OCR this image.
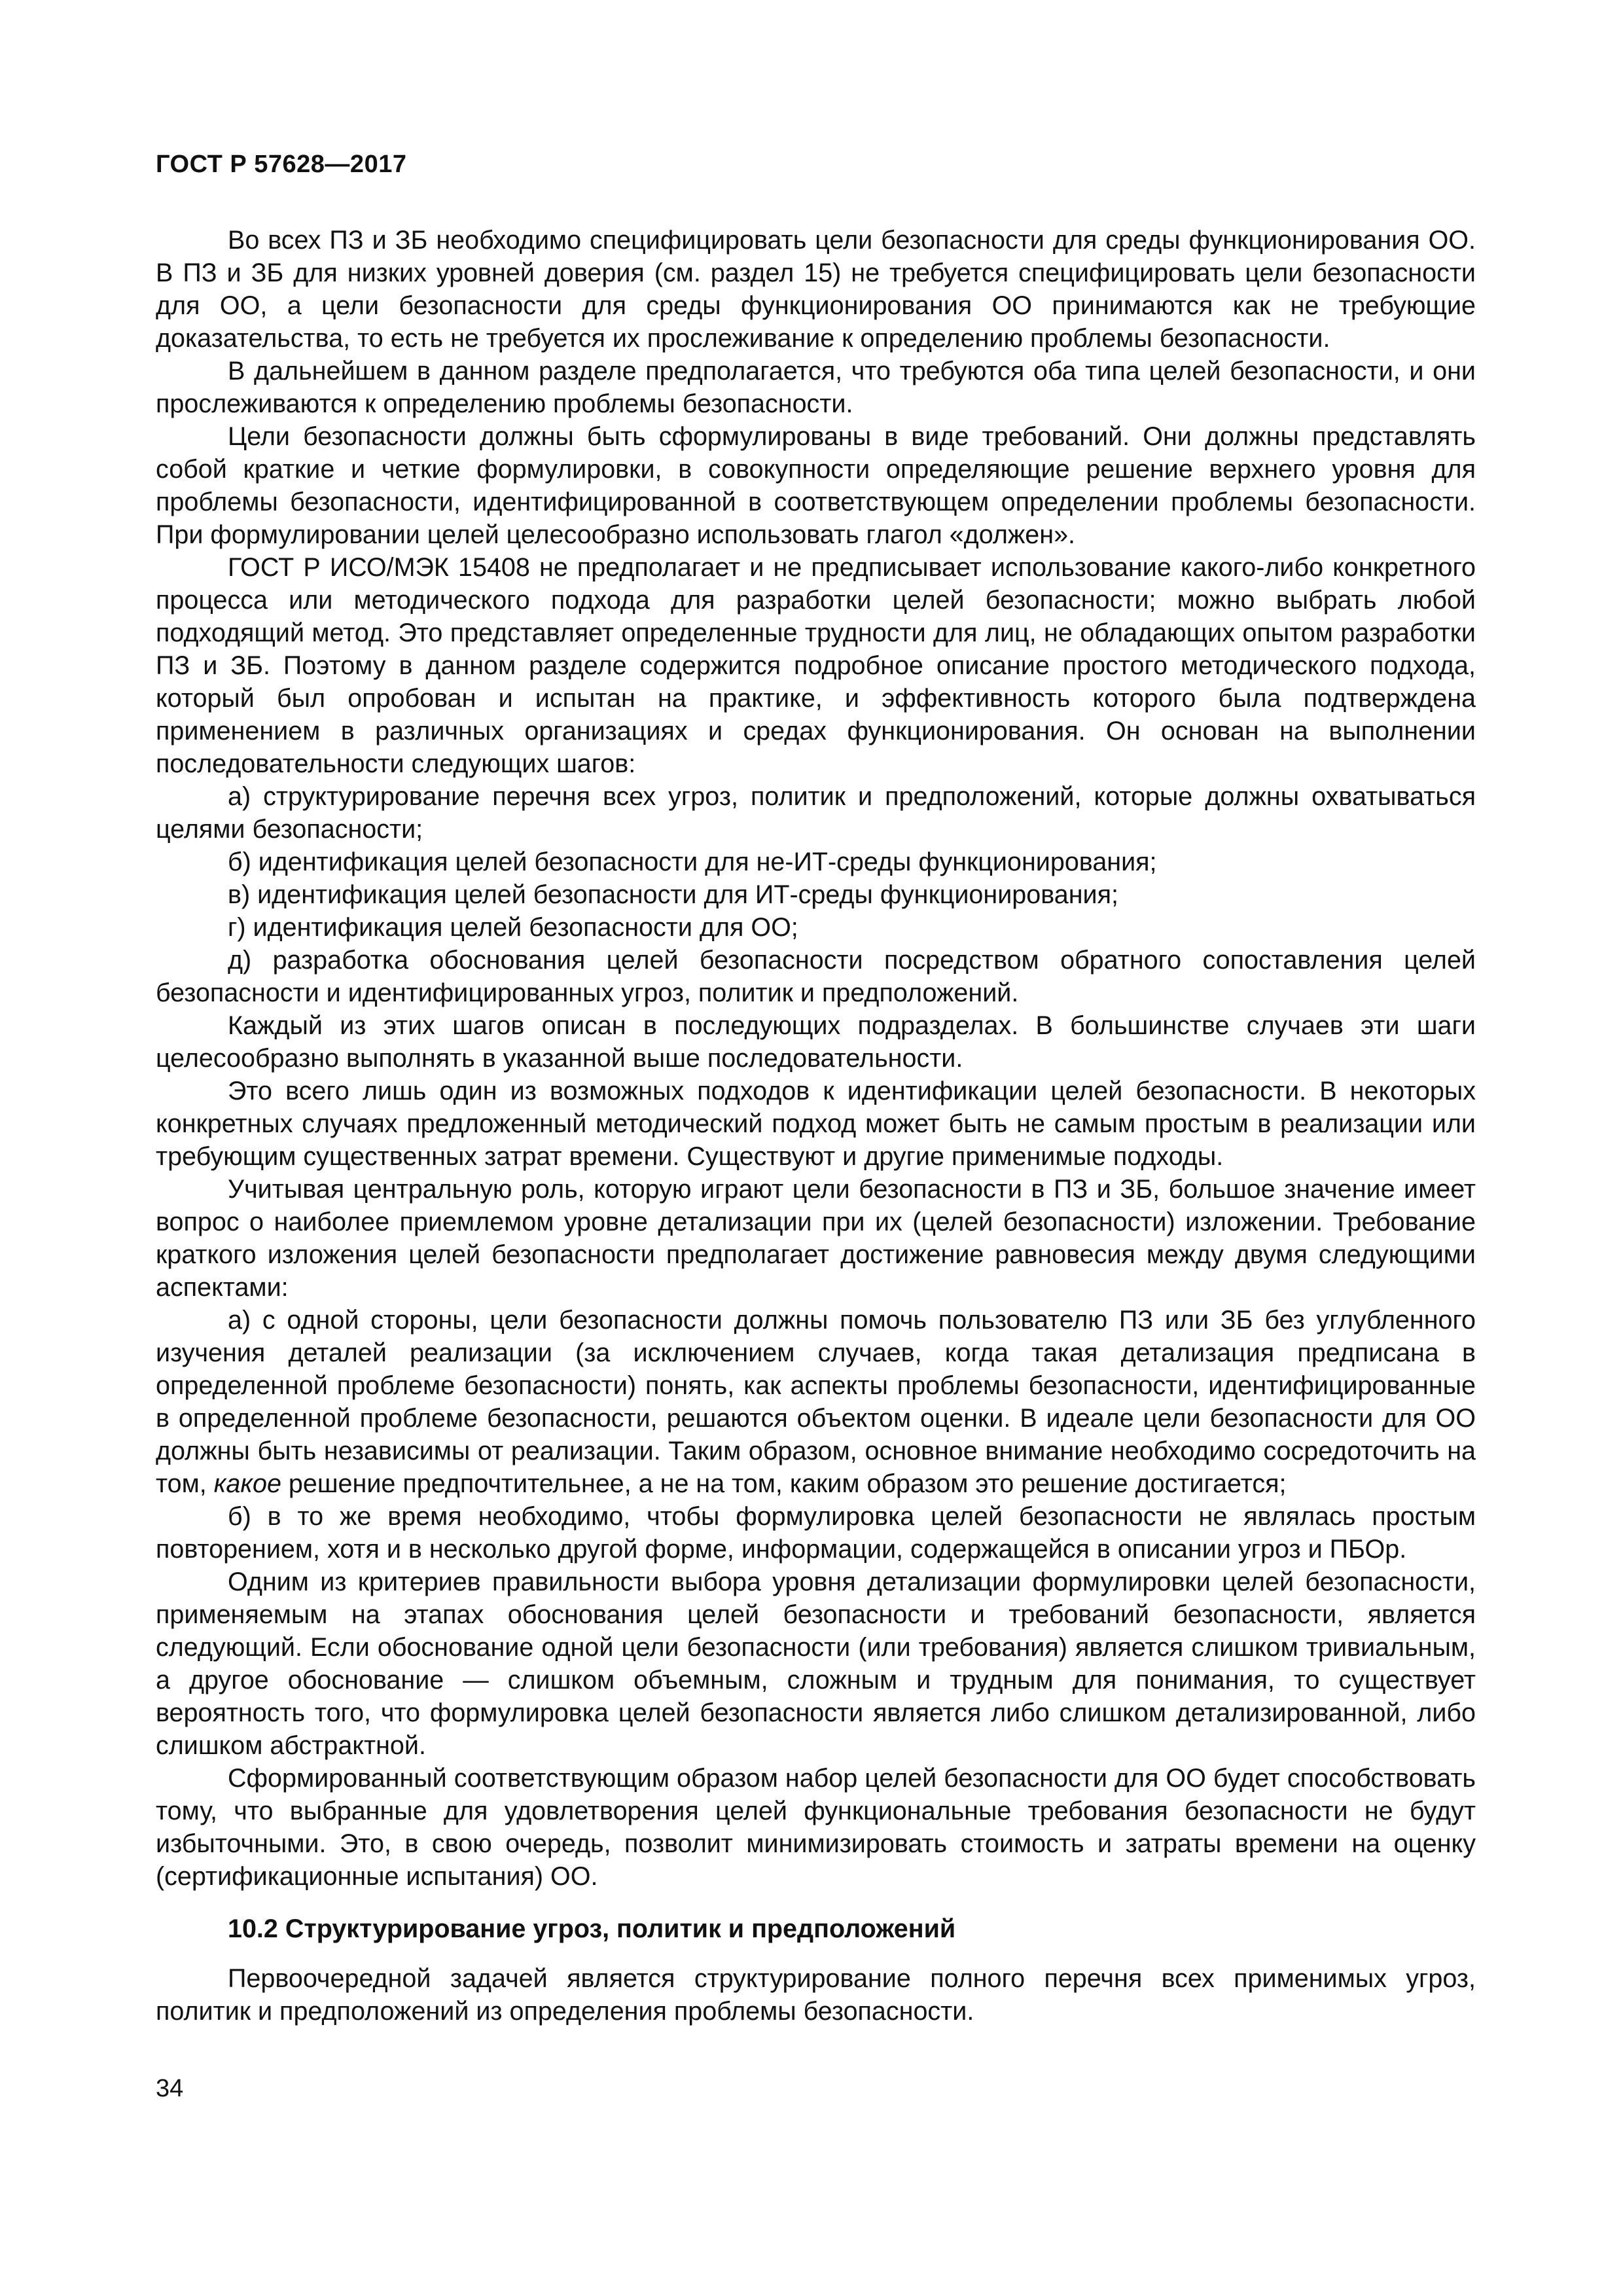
ГОСТ Р 57628—2017

Во всех ПЗ и ЗБ необходимо специфицировать цели безопасности для среды функционирования ОО. В ПЗ и ЗБ для низких уровней доверия (см. раздел 15) не требуется специфицировать цели безопасности для ОО, а цели безопасности для среды функционирования ОО принимаются как не требующие доказательства, то есть не требуется их прослеживание к определению проблемы безопасности.

В дальнейшем в данном разделе предполагается, что требуются оба типа целей безопасности, и они прослеживаются к определению проблемы безопасности.

Цели безопасности должны быть сформулированы в виде требований. Они должны представлять собой краткие и четкие формулировки, в совокупности определяющие решение верхнего уровня для проблемы безопасности, идентифицированной в соответствующем определении проблемы безопасности. При формулировании целей целесообразно использовать глагол «должен».

ГОСТ Р ИСО/МЭК 15408 не предполагает и не предписывает использование какого-либо конкретного процесса или методического подхода для разработки целей безопасности; можно выбрать любой подходящий метод. Это представляет определенные трудности для лиц, не обладающих опытом разработки ПЗ и ЗБ. Поэтому в данном разделе содержится подробное описание простого методического подхода, который был опробован и испытан на практике, и эффективность которого была подтверждена применением в различных организациях и средах функционирования. Он основан на выполнении последовательности следующих шагов:

а) структурирование перечня всех угроз, политик и предположений, которые должны охватываться целями безопасности;

б) идентификация целей безопасности для не-ИТ-среды функционирования;

в) идентификация целей безопасности для ИТ-среды функционирования;

г) идентификация целей безопасности для ОО;

д) разработка обоснования целей безопасности посредством обратного сопоставления целей безопасности и идентифицированных угроз, политик и предположений.

Каждый из этих шагов описан в последующих подразделах. В большинстве случаев эти шаги целесообразно выполнять в указанной выше последовательности.

Это всего лишь один из возможных подходов к идентификации целей безопасности. В некоторых конкретных случаях предложенный методический подход может быть не самым простым в реализации или требующим существенных затрат времени. Существуют и другие применимые подходы.

Учитывая центральную роль, которую играют цели безопасности в ПЗ и ЗБ, большое значение имеет вопрос о наиболее приемлемом уровне детализации при их (целей безопасности) изложении. Требование краткого изложения целей безопасности предполагает достижение равновесия между двумя следующими аспектами:

а) с одной стороны, цели безопасности должны помочь пользователю ПЗ или ЗБ без углубленного изучения деталей реализации (за исключением случаев, когда такая детализация предписана в определенной проблеме безопасности) понять, как аспекты проблемы безопасности, идентифицированные в определенной проблеме безопасности, решаются объектом оценки. В идеале цели безопасности для ОО должны быть независимы от реализации. Таким образом, основное внимание необходимо сосредоточить на том, какое решение предпочтительнее, а не на том, каким образом это решение достигается;

б) в то же время необходимо, чтобы формулировка целей безопасности не являлась простым повторением, хотя и в несколько другой форме, информации, содержащейся в описании угроз и ПБОр.

Одним из критериев правильности выбора уровня детализации формулировки целей безопасности, применяемым на этапах обоснования целей безопасности и требований безопасности, является следующий. Если обоснование одной цели безопасности (или требования) является слишком тривиальным, а другое обоснование — слишком объемным, сложным и трудным для понимания, то существует вероятность того, что формулировка целей безопасности является либо слишком детализированной, либо слишком абстрактной.

Сформированный соответствующим образом набор целей безопасности для ОО будет способствовать тому, что выбранные для удовлетворения целей функциональные требования безопасности не будут избыточными. Это, в свою очередь, позволит минимизировать стоимость и затраты времени на оценку (сертификационные испытания) ОО.

10.2 Структурирование угроз, политик и предположений

Первоочередной задачей является структурирование полного перечня всех применимых угроз, политик и предположений из определения проблемы безопасности.

34
